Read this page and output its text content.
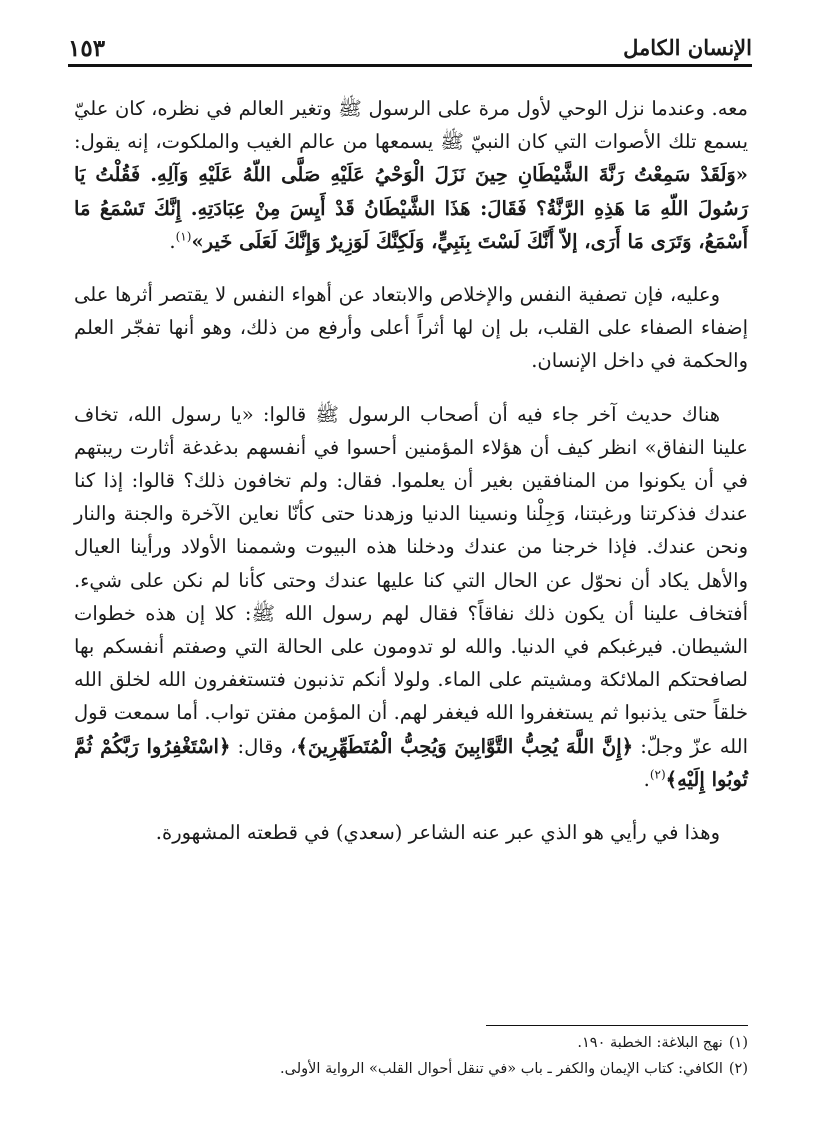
الإنسان الكامل
١٥٣

معه. وعندما نزل الوحي لأول مرة على الرسول ﷺ وتغير العالم في نظره، كان عليّ يسمع تلك الأصوات التي كان النبيّ ﷺ يسمعها من عالم الغيب والملكوت، إنه يقول: «وَلَقَدْ سَمِعْتُ رَنَّةَ الشَّيْطَانِ حِينَ نَزَلَ الْوَحْيُ عَلَيْهِ صَلَّى اللّهُ عَلَيْهِ وَآلِهِ. فَقُلْتُ يَا رَسُولَ اللّهِ مَا هَذِهِ الرَّنَّةُ؟ فَقَالَ: هَذَا الشَّيْطَانُ قَدْ أَيِسَ مِنْ عِبَادَتِهِ. إِنَّكَ تَسْمَعُ مَا أَسْمَعُ، وَتَرَى مَا أَرَى، إلاّ أَنَّكَ لَسْتَ بِنَبِيٍّ، وَلَكِنَّكَ لَوَزِيرٌ وَإِنَّكَ لَعَلَى خَير»$^{(١)}$.

وعليه، فإن تصفية النفس والإخلاص والابتعاد عن أهواء النفس لا يقتصر أثرها على إضفاء الصفاء على القلب، بل إن لها أثراً أعلى وأرفع من ذلك، وهو أنها تفجّر العلم والحكمة في داخل الإنسان.

هناك حديث آخر جاء فيه أن أصحاب الرسول ﷺ قالوا: «يا رسول الله، تخاف علينا النفاق» انظر كيف أن هؤلاء المؤمنين أحسوا في أنفسهم بدغدغة أثارت ريبتهم في أن يكونوا من المنافقين بغير أن يعلموا. فقال: ولم تخافون ذلك؟ قالوا: إذا كنا عندك فذكرتنا ورغبتنا، وَجِلْنا ونسينا الدنيا وزهدنا حتى كأنّا نعاين الآخرة والجنة والنار ونحن عندك. فإذا خرجنا من عندك ودخلنا هذه البيوت وشممنا الأولاد ورأينا العيال والأهل يكاد أن نحوّل عن الحال التي كنا عليها عندك وحتى كأنا لم نكن على شيء. أفتخاف علينا أن يكون ذلك نفاقاً؟ فقال لهم رسول الله ﷺ: كلا إن هذه خطوات الشيطان. فيرغبكم في الدنيا. والله لو تدومون على الحالة التي وصفتم أنفسكم بها لصافحتكم الملائكة ومشيتم على الماء. ولولا أنكم تذنبون فتستغفرون الله لخلق الله خلقاً حتى يذنبوا ثم يستغفروا الله فيغفر لهم. أن المؤمن مفتن تواب. أما سمعت قول الله عزّ وجلّ: ﴿إِنَّ اللَّهَ يُحِبُّ التَّوَّابِينَ وَيُحِبُّ الْمُتَطَهِّرِينَ﴾، وقال: ﴿اسْتَغْفِرُوا رَبَّكُمْ ثُمَّ تُوبُوا إِلَيْهِ﴾$^{(٢)}$.

وهذا في رأيي هو الذي عبر عنه الشاعر (سعدي) في قطعته المشهورة.

(١)نهج البلاغة: الخطبة ١٩٠.

(٢)الكافي: كتاب الإيمان والكفر ـ باب «في تنقل أحوال القلب» الرواية الأولى.
